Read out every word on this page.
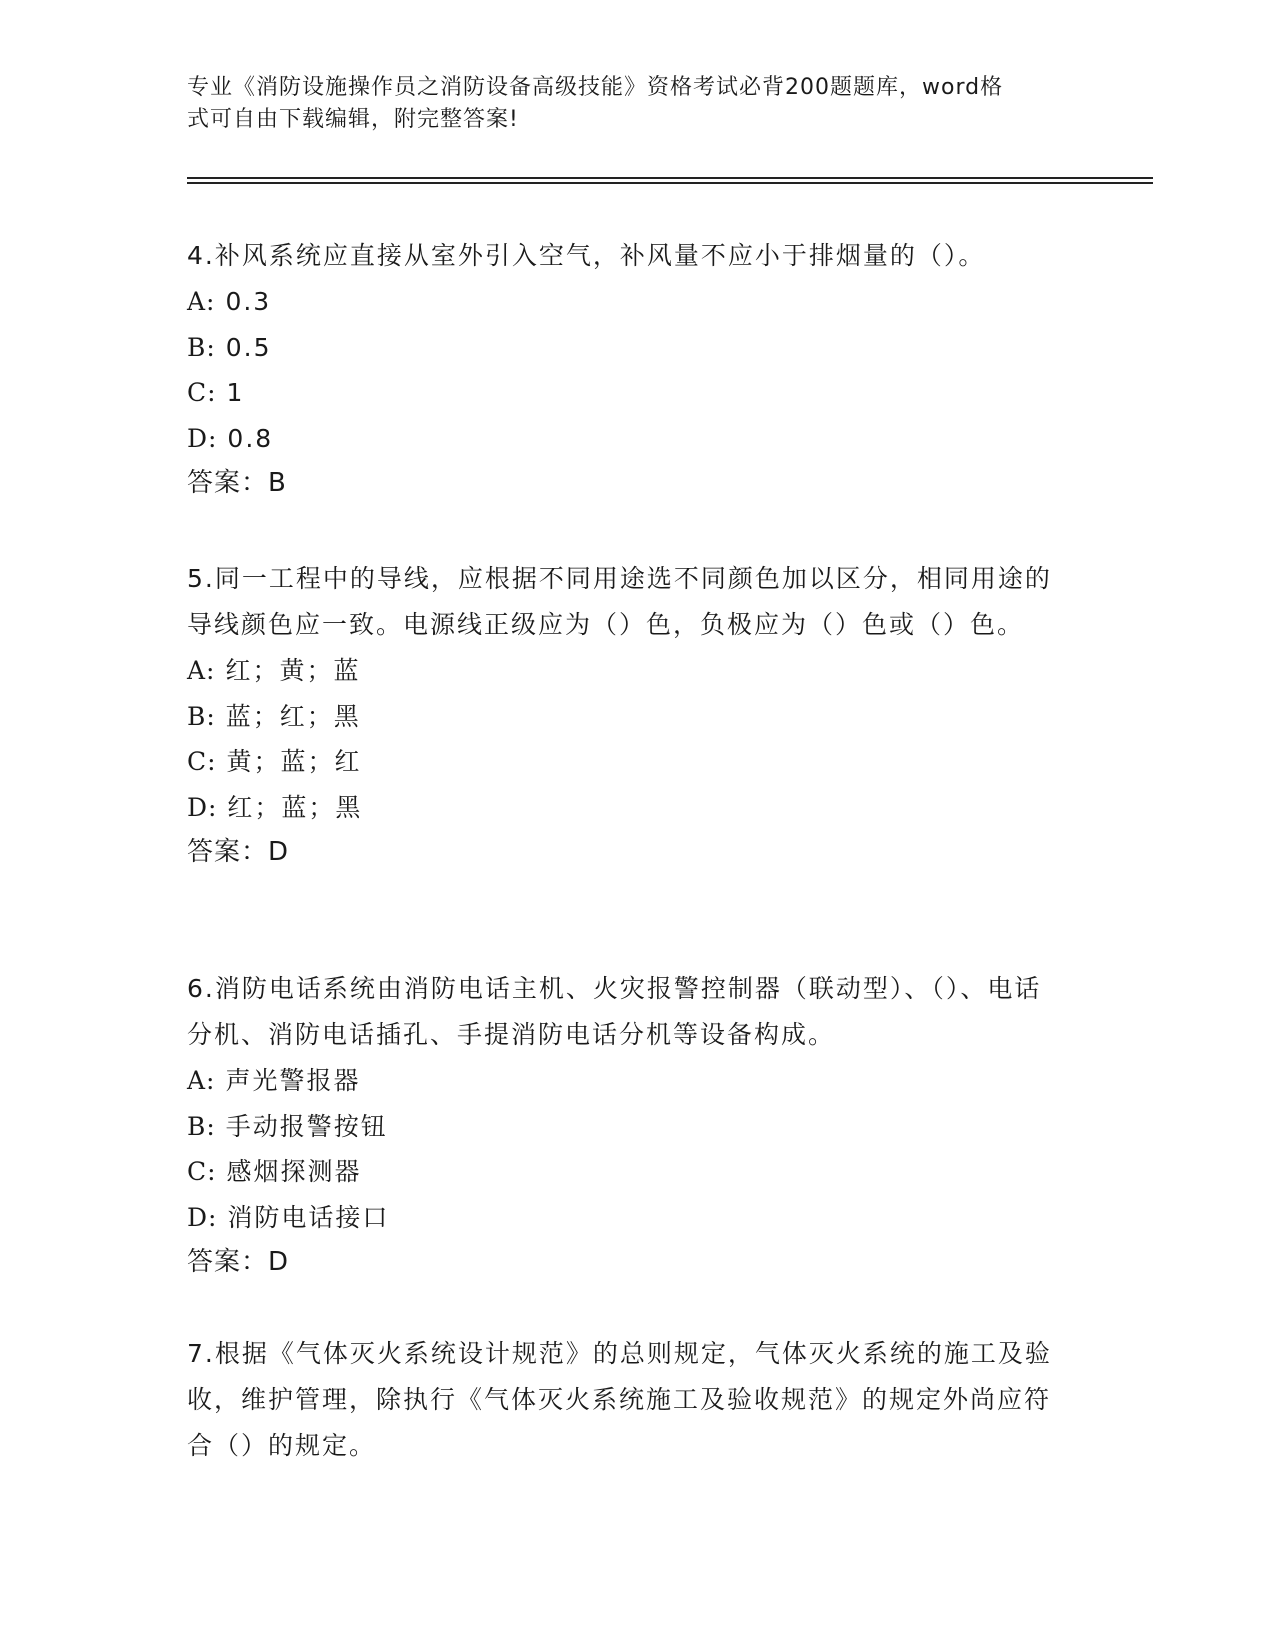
专业《消防设施操作员之消防设备高级技能》资格考试必背200题题库，word格
式可自由下载编辑，附完整答案!

4.补风系统应直接从室外引入空气，补风量不应小于排烟量的（）。

A: 0.3

B: 0.5

C: 1

D: 0.8

答案：B

5.同一工程中的导线，应根据不同用途选不同颜色加以区分，相同用途的导线颜色应一致。电源线正级应为（）色，负极应为（）色或（）色。

A: 红；黄；蓝

B: 蓝；红；黑

C: 黄；蓝；红

D: 红；蓝；黑

答案：D

6.消防电话系统由消防电话主机、火灾报警控制器（联动型）、（）、电话分机、消防电话插孔、手提消防电话分机等设备构成。

A: 声光警报器

B: 手动报警按钮

C: 感烟探测器

D: 消防电话接口

答案：D

7.根据《气体灭火系统设计规范》的总则规定，气体灭火系统的施工及验收，维护管理，除执行《气体灭火系统施工及验收规范》的规定外尚应符合（）的规定。
